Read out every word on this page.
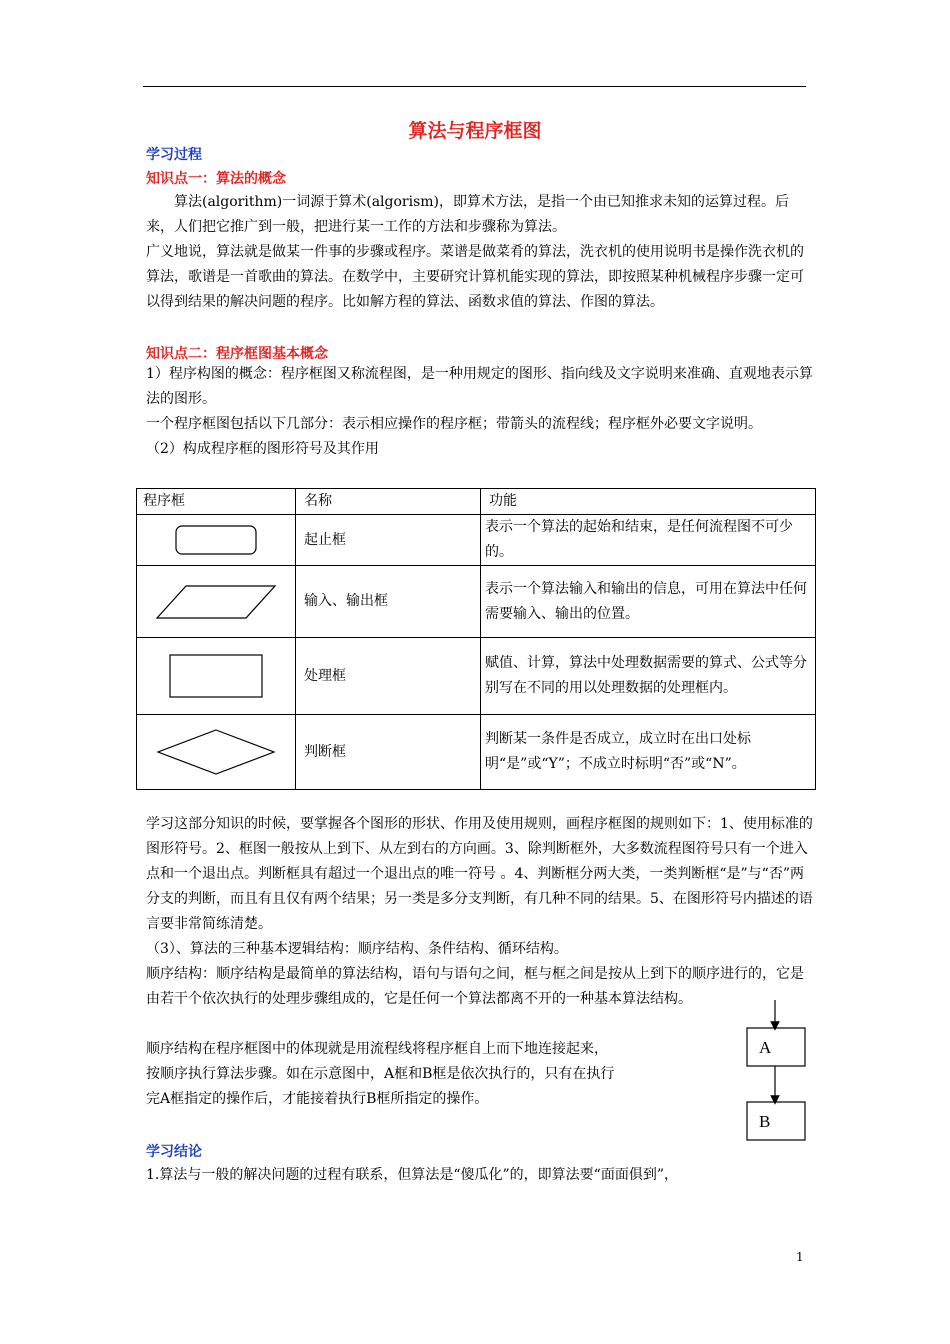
算法与程序框图
学习过程
知识点一：算法的概念

算法(algorithm)一词源于算术(algorism)，即算术方法，是指一个由已知推求未知的运算过程。后来，人们把它推广到一般，把进行某一工作的方法和步骤称为算法。

广义地说，算法就是做某一件事的步骤或程序。菜谱是做菜肴的算法，洗衣机的使用说明书是操作洗衣机的算法，歌谱是一首歌曲的算法。在数学中，主要研究计算机能实现的算法，即按照某种机械程序步骤一定可以得到结果的解决问题的程序。比如解方程的算法、函数求值的算法、作图的算法。

知识点二：程序框图基本概念

1）程序构图的概念：程序框图又称流程图，是一种用规定的图形、指向线及文字说明来准确、直观地表示算法的图形。

一个程序框图包括以下几部分：表示相应操作的程序框；带箭头的流程线；程序框外必要文字说明。

（2）构成程序框的图形符号及其作用

程序框	名称	功能

	起止框	表示一个算法的起始和结束，是任何流程图不可少的。

	输入、输出框	表示一个算法输入和输出的信息，可用在算法中任何需要输入、输出的位置。

	处理框	赋值、计算，算法中处理数据需要的算式、公式等分别写在不同的用以处理数据的处理框内。

	判断框	判断某一条件是否成立，成立时在出口处标明“是”或“Y”；不成立时标明“否”或“N”。

学习这部分知识的时候，要掌握各个图形的形状、作用及使用规则，画程序框图的规则如下：1、使用标准的图形符号。2、框图一般按从上到下、从左到右的方向画。3、除判断框外，大多数流程图符号只有一个进入点和一个退出点。判断框具有超过一个退出点的唯一符号 。4、判断框分两大类，一类判断框“是”与“否”两分支的判断，而且有且仅有两个结果；另一类是多分支判断，有几种不同的结果。5、在图形符号内描述的语言要非常简练清楚。

（3）、算法的三种基本逻辑结构：顺序结构、条件结构、循环结构。

顺序结构：顺序结构是最简单的算法结构，语句与语句之间，框与框之间是按从上到下的顺序进行的，它是由若干个依次执行的处理步骤组成的，它是任何一个算法都离不开的一种基本算法结构。

顺序结构在程序框图中的体现就是用流程线将程序框自上而下地连接起来，按顺序执行算法步骤。如在示意图中，A框和B框是依次执行的，只有在执行完A框指定的操作后，才能接着执行B框所指定的操作。

A
B
学习结论

1.算法与一般的解决问题的过程有联系，但算法是“傻瓜化”的，即算法要“面面俱到”，

1
